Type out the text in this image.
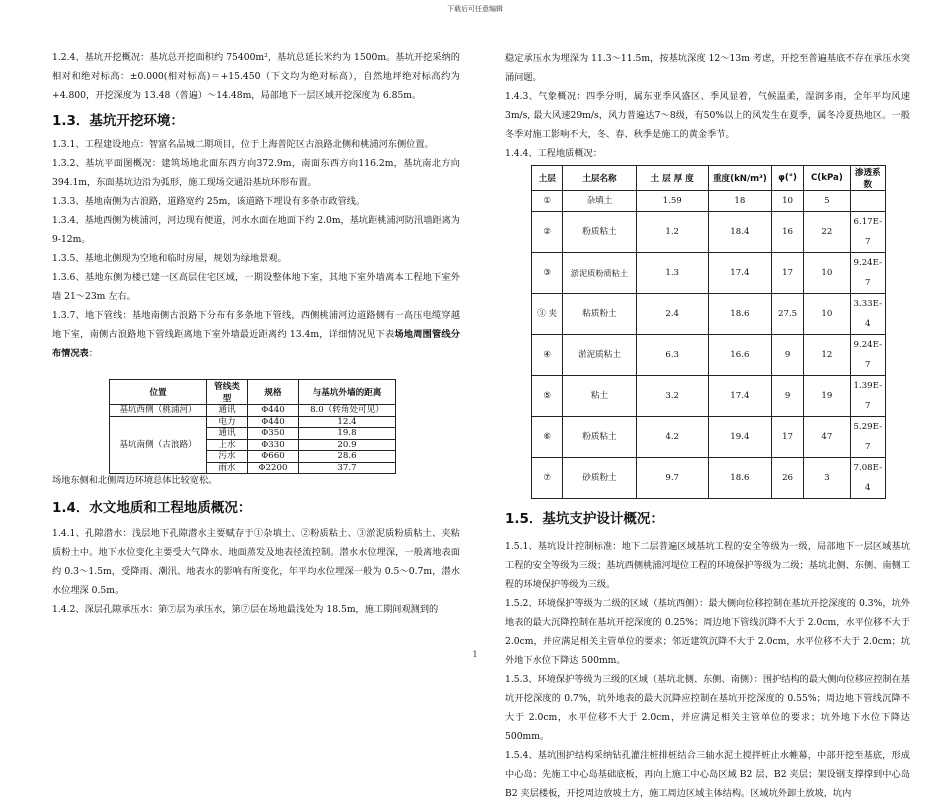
下载后可任意编辑

1.2.4、基坑开挖概况：基坑总开挖面积约 75400m²，基坑总延长米约为 1500m。基坑开挖采纳的相对和绝对标高：±0.000(相对标高)＝+15.450（下文均为绝对标高），自然地坪绝对标高约为+4.800，开挖深度为 13.48（普遍）～14.48m，局部地下一层区域开挖深度为 6.85m。

1.3．基坑开挖环境：

1.3.1、工程建设地点：智富名品城二期项目，位于上海普陀区古浪路北侧和桃浦河东侧位置。

1.3.2、基坑平面图概况：建筑场地北面东西方向372.9m，南面东西方向116.2m，基坑南北方向394.1m，东面基坑边沿为弧形，施工现场交通沿基坑环形布置。

1.3.3、基地南侧为古浪路，道路宽约 25m，该道路下埋设有多条市政管线。

1.3.4、基地西侧为桃浦河，河边现有便道，河水水面在地面下约 2.0m，基坑距桃浦河防汛墙距离为 9-12m。

1.3.5、基地北侧现为空地和临时房屋，规划为绿地景观。

1.3.6、基地东侧为楼已建一区高层住宅区域，一期设整体地下室，其地下室外墙离本工程地下室外墙 21～23m 左右。

1.3.7、地下管线：基地南侧古浪路下分布有多条地下管线，西侧桃浦河边道路侧有一高压电缆穿越地下室，南侧古浪路地下管线距离地下室外墙最近距离约 13.4m，详细情况见下表场地周围管线分布情况表：

位置	管线类型	规格	与基坑外墙的距离
基坑西侧（桃浦河）	通讯	Φ440	8.0（转角处可见）
基坑南侧（古浪路）	电力	Φ440	12.4
	通讯	Φ350	19.8
	上水	Φ330	20.9
	污水	Φ660	28.6
	雨水	Φ2200	37.7

场地东侧和北侧周边环境总体比较宽松。

1.4．水文地质和工程地质概况：

1.4.1、孔隙潜水：浅层地下孔隙潜水主要赋存于①杂填土、②粉质粘土、③淤泥质粉质粘土、夹粘质粉土中。地下水位变化主要受大气降水、地面蒸发及地表径流控制。潜水水位埋深，一般离地表面约 0.3～1.5m，受降雨、潮汛、地表水的影响有所变化，年平均水位埋深一般为 0.5～0.7m，潜水水位埋深 0.5m。

1.4.2、深层孔隙承压水：第⑦层为承压水，第⑦层在场地最浅处为 18.5m，施工期间观测到的

稳定承压水为埋深为 11.3～11.5m，按基坑深度 12～13m 考虑，开挖至普遍基底不存在承压水突涌问题。

1.4.3、气象概况：四季分明，属东亚季风盛区、季风显着，气候温柔，湿润多雨，全年平均风速3m/s, 最大风速29m/s，风力普遍达7～8级，有50%以上的风发生在夏季，属冬冷夏热地区。一般冬季对施工影响不大，冬、春、秋季是施工的黄金季节。

1.4.4、工程地质概况：

土层	土层名称	土 层 厚 度	重度(kN/m³)	φ(°)	C(kPa)	渗透系数
①	杂填土	1.59	18	10	5	
②	粉质粘土	1.2	18.4	16	22	6.17E-7
③	淤泥质粉质粘土	1.3	17.4	17	10	9.24E-7
③ 夹	粘质粉土	2.4	18.6	27.5	10	3.33E-4
④	淤泥质粘土	6.3	16.6	9	12	9.24E-7
⑤	粘土	3.2	17.4	9	19	1.39E-7
⑥	粉质粘土	4.2	19.4	17	47	5.29E-7
⑦	砂质粉土	9.7	18.6	26	3	7.08E-4
1.5．基坑支护设计概况：

1.5.1、基坑设计控制标准：地下二层普遍区域基坑工程的安全等级为一级，局部地下一层区域基坑工程的安全等级为三级；基坑西侧桃浦河堤位工程的环境保护等级为二级；基坑北侧、东侧、南侧工程的环境保护等级为三级。

1.5.2、环境保护等级为二级的区域（基坑西侧）：最大侧向位移控制在基坑开挖深度的 0.3%，坑外地表的最大沉降控制在基坑开挖深度的 0.25%；周边地下管线沉降不大于 2.0cm，水平位移不大于 2.0cm，并应满足相关主管单位的要求；邻近建筑沉降不大于 2.0cm，水平位移不大于 2.0cm；坑外地下水位下降达 500mm。

1.5.3、环境保护等级为三级的区域（基坑北侧、东侧、南侧）：围护结构的最大侧向位移应控制在基坑开挖深度的 0.7%，坑外地表的最大沉降应控制在基坑开挖深度的 0.55%；周边地下管线沉降不大于 2.0cm，水平位移不大于 2.0cm，并应满足相关主管单位的要求；坑外地下水位下降达 500mm。

1.5.4、基坑围护结构采纳钻孔灌注桩排桩结合三轴水泥土搅拌桩止水帷幕，中部开挖至基底，形成中心岛；先施工中心岛基础底板，再向上施工中心岛区域 B2 层、B2 夹层；架设钢支撑撑到中心岛 B2 夹层楼板，开挖周边放坡土方，施工周边区域主体结构。区域坑外卸土放坡，坑内

1
